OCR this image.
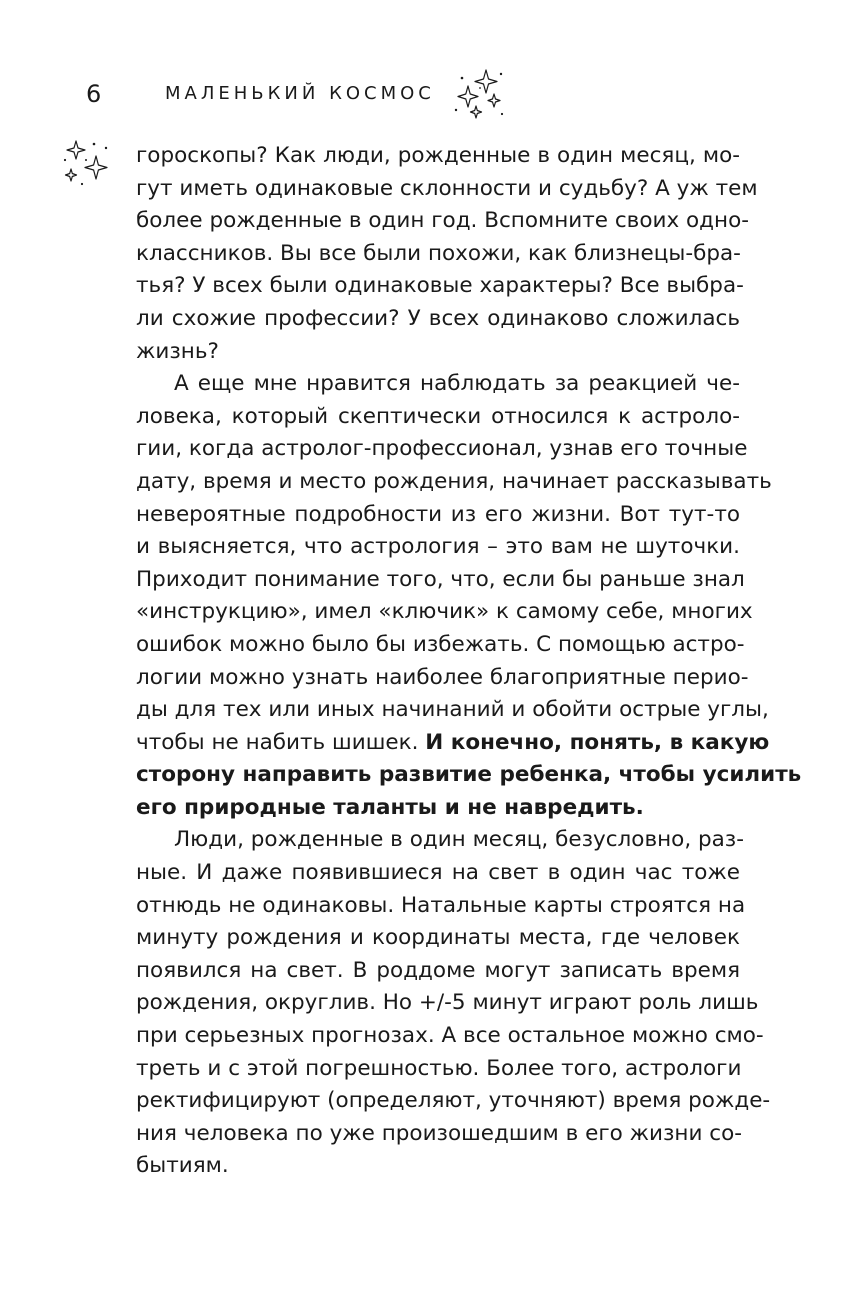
6	МАЛЕНЬКИЙ КОСМОС
гороскопы? Как люди, рожденные в один месяц, мо-
гут иметь одинаковые склонности и судьбу? А уж тем
более рожденные в один год. Вспомните своих одно-
классников. Вы все были похожи, как близнецы-бра-
тья? У всех были одинаковые характеры? Все выбра-
ли схожие профессии? У всех одинаково сложилась
жизнь?
А еще мне нравится наблюдать за реакцией че-
ловека, который скептически относился к астроло-
гии, когда астролог-профессионал, узнав его точные
дату, время и место рождения, начинает рассказывать
невероятные подробности из его жизни. Вот тут-то
и выясняется, что астрология – это вам не шуточки.
Приходит понимание того, что, если бы раньше знал
«инструкцию», имел «ключик» к самому себе, многих
ошибок можно было бы избежать. С помощью астро-
логии можно узнать наиболее благоприятные перио-
ды для тех или иных начинаний и обойти острые углы,
чтобы не набить шишек. И конечно, понять, в какую
сторону направить развитие ребенка, чтобы усилить
его природные таланты и не навредить.
Люди, рожденные в один месяц, безусловно, раз-
ные. И даже появившиеся на свет в один час тоже
отнюдь не одинаковы. Натальные карты строятся на
минуту рождения и координаты места, где человек
появился на свет. В роддоме могут записать время
рождения, округлив. Но +/-5 минут играют роль лишь
при серьезных прогнозах. А все остальное можно смо-
треть и с этой погрешностью. Более того, астрологи
ректифицируют (определяют, уточняют) время рожде-
ния человека по уже произошедшим в его жизни со-
бытиям.
